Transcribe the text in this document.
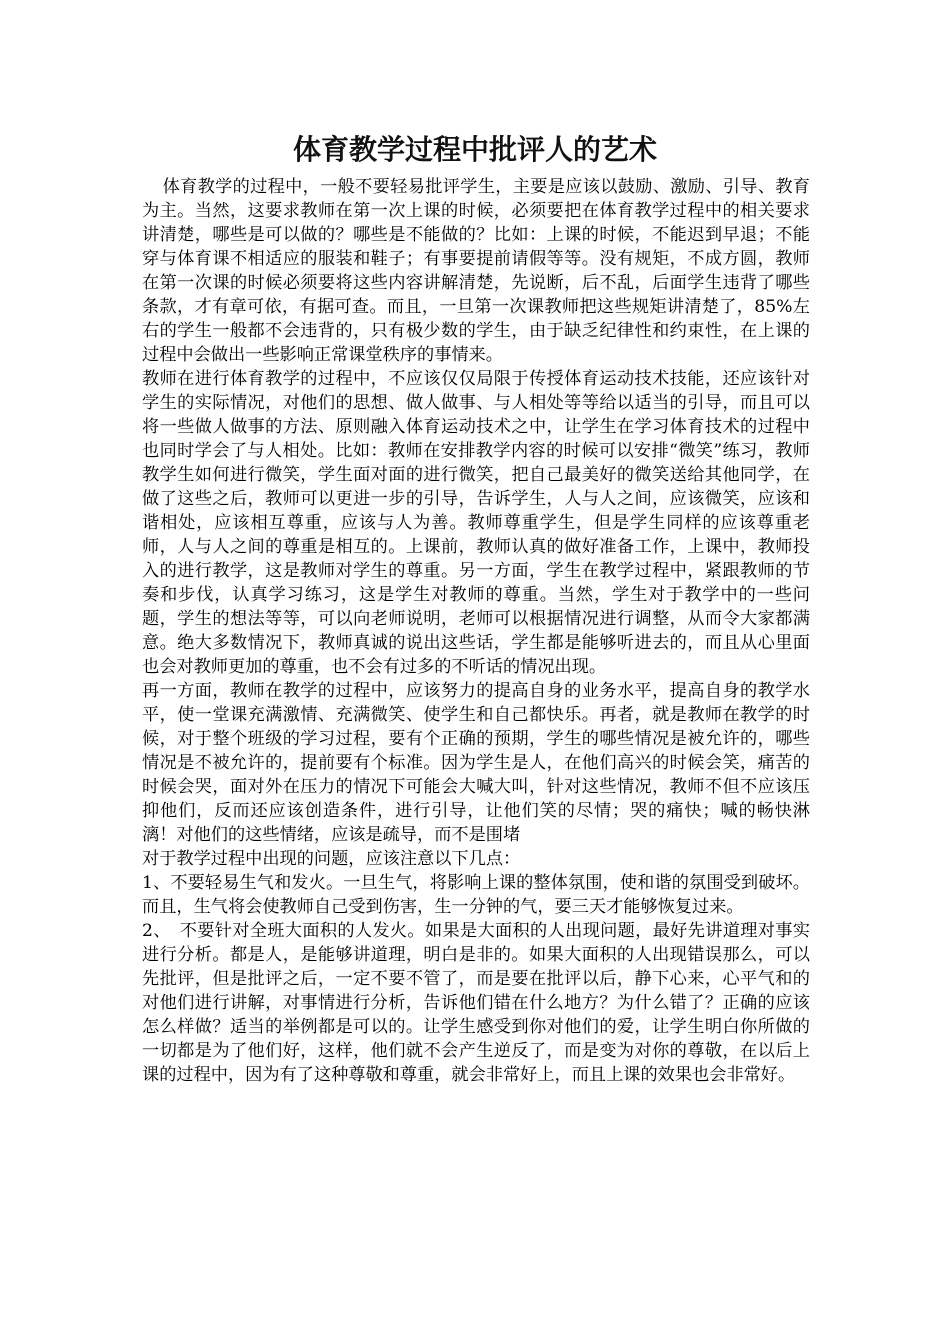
体育教学过程中批评人的艺术

体育教学的过程中，一般不要轻易批评学生，主要是应该以鼓励、激励、引导、教育为主。当然，这要求教师在第一次上课的时候，必须要把在体育教学过程中的相关要求讲清楚，哪些是可以做的？哪些是不能做的？比如：上课的时候，不能迟到早退；不能穿与体育课不相适应的服装和鞋子；有事要提前请假等等。没有规矩，不成方圆，教师在第一次课的时候必须要将这些内容讲解清楚，先说断，后不乱，后面学生违背了哪些条款，才有章可依，有据可查。而且，一旦第一次课教师把这些规矩讲清楚了，85%左右的学生一般都不会违背的，只有极少数的学生，由于缺乏纪律性和约束性，在上课的过程中会做出一些影响正常课堂秩序的事情来。

教师在进行体育教学的过程中，不应该仅仅局限于传授体育运动技术技能，还应该针对学生的实际情况，对他们的思想、做人做事、与人相处等等给以适当的引导，而且可以将一些做人做事的方法、原则融入体育运动技术之中，让学生在学习体育技术的过程中也同时学会了与人相处。比如：教师在安排教学内容的时候可以安排“微笑”练习，教师教学生如何进行微笑，学生面对面的进行微笑，把自己最美好的微笑送给其他同学，在做了这些之后，教师可以更进一步的引导，告诉学生，人与人之间，应该微笑，应该和谐相处，应该相互尊重，应该与人为善。教师尊重学生，但是学生同样的应该尊重老师，人与人之间的尊重是相互的。上课前，教师认真的做好准备工作，上课中，教师投入的进行教学，这是教师对学生的尊重。另一方面，学生在教学过程中，紧跟教师的节奏和步伐，认真学习练习，这是学生对教师的尊重。当然，学生对于教学中的一些问题，学生的想法等等，可以向老师说明，老师可以根据情况进行调整，从而令大家都满意。绝大多数情况下，教师真诚的说出这些话，学生都是能够听进去的，而且从心里面也会对教师更加的尊重，也不会有过多的不听话的情况出现。

再一方面，教师在教学的过程中，应该努力的提高自身的业务水平，提高自身的教学水平，使一堂课充满激情、充满微笑、使学生和自己都快乐。再者，就是教师在教学的时候，对于整个班级的学习过程，要有个正确的预期，学生的哪些情况是被允许的，哪些情况是不被允许的，提前要有个标准。因为学生是人，在他们高兴的时候会笑，痛苦的时候会哭，面对外在压力的情况下可能会大喊大叫，针对这些情况，教师不但不应该压抑他们，反而还应该创造条件，进行引导，让他们笑的尽情；哭的痛快；喊的畅快淋漓！对他们的这些情绪，应该是疏导，而不是围堵

对于教学过程中出现的问题，应该注意以下几点：

1、不要轻易生气和发火。一旦生气，将影响上课的整体氛围，使和谐的氛围受到破坏。而且，生气将会使教师自己受到伤害，生一分钟的气，要三天才能够恢复过来。

2、　不要针对全班大面积的人发火。如果是大面积的人出现问题，最好先讲道理对事实进行分析。都是人，是能够讲道理，明白是非的。如果大面积的人出现错误那么，可以先批评，但是批评之后，一定不要不管了，而是要在批评以后，静下心来，心平气和的对他们进行讲解，对事情进行分析，告诉他们错在什么地方？为什么错了？正确的应该怎么样做？适当的举例都是可以的。让学生感受到你对他们的爱，让学生明白你所做的一切都是为了他们好，这样，他们就不会产生逆反了，而是变为对你的尊敬，在以后上课的过程中，因为有了这种尊敬和尊重，就会非常好上，而且上课的效果也会非常好。
